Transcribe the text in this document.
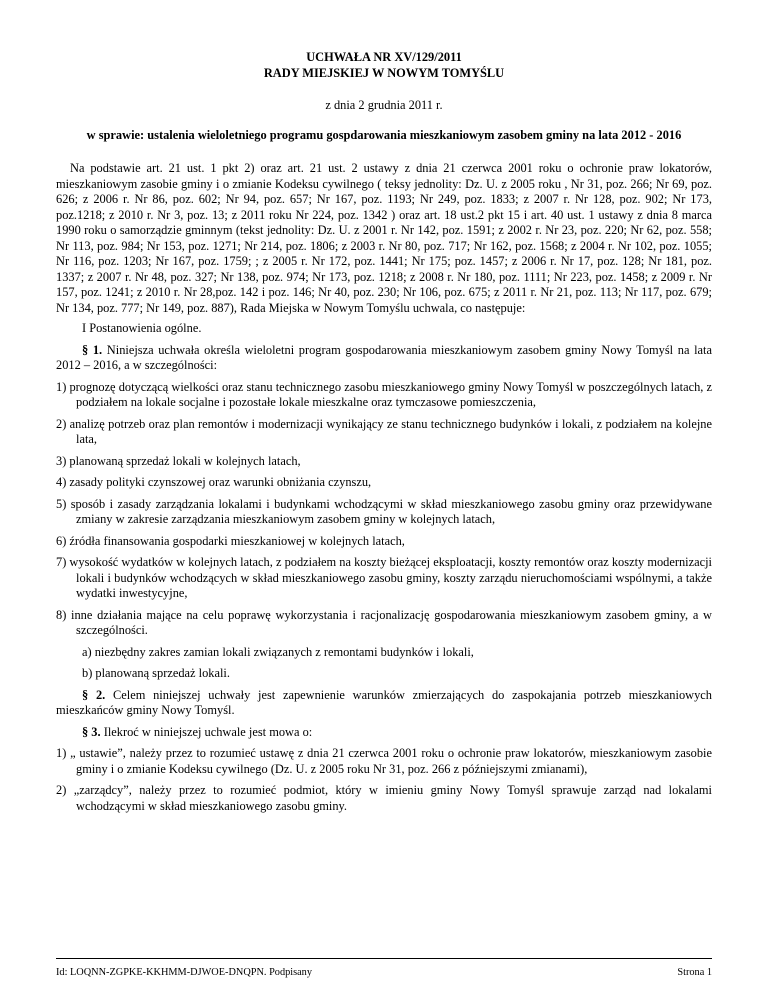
UCHWAŁA NR XV/129/2011

RADY MIEJSKIEJ W NOWYM TOMYŚLU

z dnia 2 grudnia 2011 r.

w sprawie: ustalenia wieloletniego programu gospdarowania mieszkaniowym zasobem gminy na lata 2012 - 2016

Na podstawie art. 21 ust. 1 pkt 2) oraz art. 21 ust. 2 ustawy z dnia 21 czerwca 2001 roku o ochronie praw lokatorów, mieszkaniowym zasobie gminy i o zmianie Kodeksu cywilnego ( teksy jednolity: Dz. U. z 2005 roku , Nr 31, poz. 266; Nr 69, poz. 626; z 2006 r. Nr 86, poz. 602; Nr 94, poz. 657; Nr 167, poz. 1193; Nr 249, poz. 1833; z 2007 r. Nr 128, poz. 902; Nr 173, poz.1218; z 2010 r. Nr 3, poz. 13; z 2011 roku Nr 224, poz. 1342 ) oraz art. 18 ust.2 pkt 15 i art. 40 ust. 1 ustawy z dnia 8 marca 1990 roku o samorządzie gminnym (tekst jednolity: Dz. U. z 2001 r. Nr 142, poz. 1591; z 2002 r. Nr 23, poz. 220; Nr 62, poz. 558; Nr 113, poz. 984; Nr 153, poz. 1271; Nr 214, poz. 1806; z 2003 r. Nr 80, poz. 717; Nr 162, poz. 1568; z 2004 r. Nr 102, poz. 1055; Nr 116, poz. 1203; Nr 167, poz. 1759; ; z 2005 r. Nr 172, poz. 1441; Nr 175; poz. 1457; z 2006 r. Nr 17, poz. 128; Nr 181, poz. 1337; z 2007 r. Nr 48, poz. 327; Nr 138, poz. 974; Nr 173, poz. 1218; z 2008 r. Nr 180, poz. 1111; Nr 223, poz. 1458; z 2009 r. Nr 157, poz. 1241; z 2010 r. Nr 28,poz. 142 i poz. 146; Nr 40, poz. 230; Nr 106, poz. 675; z 2011 r. Nr 21, poz. 113; Nr 117, poz. 679; Nr 134, poz. 777; Nr 149, poz. 887), Rada Miejska w Nowym Tomyślu uchwala, co następuje:

I Postanowienia ogólne.

§ 1. Niniejsza uchwała określa wieloletni program gospodarowania mieszkaniowym zasobem gminy Nowy Tomyśl na lata 2012 – 2016, a w szczególności:

1) prognozę dotyczącą wielkości oraz stanu technicznego zasobu mieszkaniowego gminy Nowy Tomyśl w poszczególnych latach, z podziałem na lokale socjalne i pozostałe lokale mieszkalne oraz tymczasowe pomieszczenia,
2) analizę potrzeb oraz plan remontów i modernizacji wynikający ze stanu technicznego budynków i lokali, z podziałem na kolejne lata,
3) planowaną sprzedaż lokali w kolejnych latach,
4) zasady polityki czynszowej oraz warunki obniżania czynszu,
5) sposób i zasady zarządzania lokalami i budynkami wchodzącymi w skład mieszkaniowego zasobu gminy oraz przewidywane zmiany w zakresie zarządzania mieszkaniowym zasobem gminy w kolejnych latach,
6) źródła finansowania gospodarki mieszkaniowej w kolejnych latach,
7) wysokość wydatków w kolejnych latach, z podziałem na koszty bieżącej eksploatacji, koszty remontów oraz koszty modernizacji lokali i budynków wchodzących w skład mieszkaniowego zasobu gminy, koszty zarządu nieruchomościami wspólnymi, a także wydatki inwestycyjne,
8) inne działania mające na celu poprawę wykorzystania i racjonalizację gospodarowania mieszkaniowym zasobem gminy, a w szczególności.

a) niezbędny zakres zamian lokali związanych z remontami budynków i lokali,

b) planowaną sprzedaż lokali.

§ 2. Celem niniejszej uchwały jest zapewnienie warunków zmierzających do zaspokajania potrzeb mieszkaniowych mieszkańców gminy Nowy Tomyśl.

§ 3. Ilekroć w niniejszej uchwale jest mowa o:

1) „ ustawie”, należy przez to rozumieć ustawę z dnia 21 czerwca 2001 roku o ochronie praw lokatorów, mieszkaniowym zasobie gminy i o zmianie Kodeksu cywilnego (Dz. U. z 2005 roku Nr 31, poz. 266 z późniejszymi zmianami),
2) „zarządcy”, należy przez to rozumieć podmiot, który w imieniu gminy Nowy Tomyśl sprawuje zarząd nad lokalami wchodzącymi w skład mieszkaniowego zasobu gminy.
Id: LOQNN-ZGPKE-KKHMM-DJWOE-DNQPN. Podpisany	Strona 1
